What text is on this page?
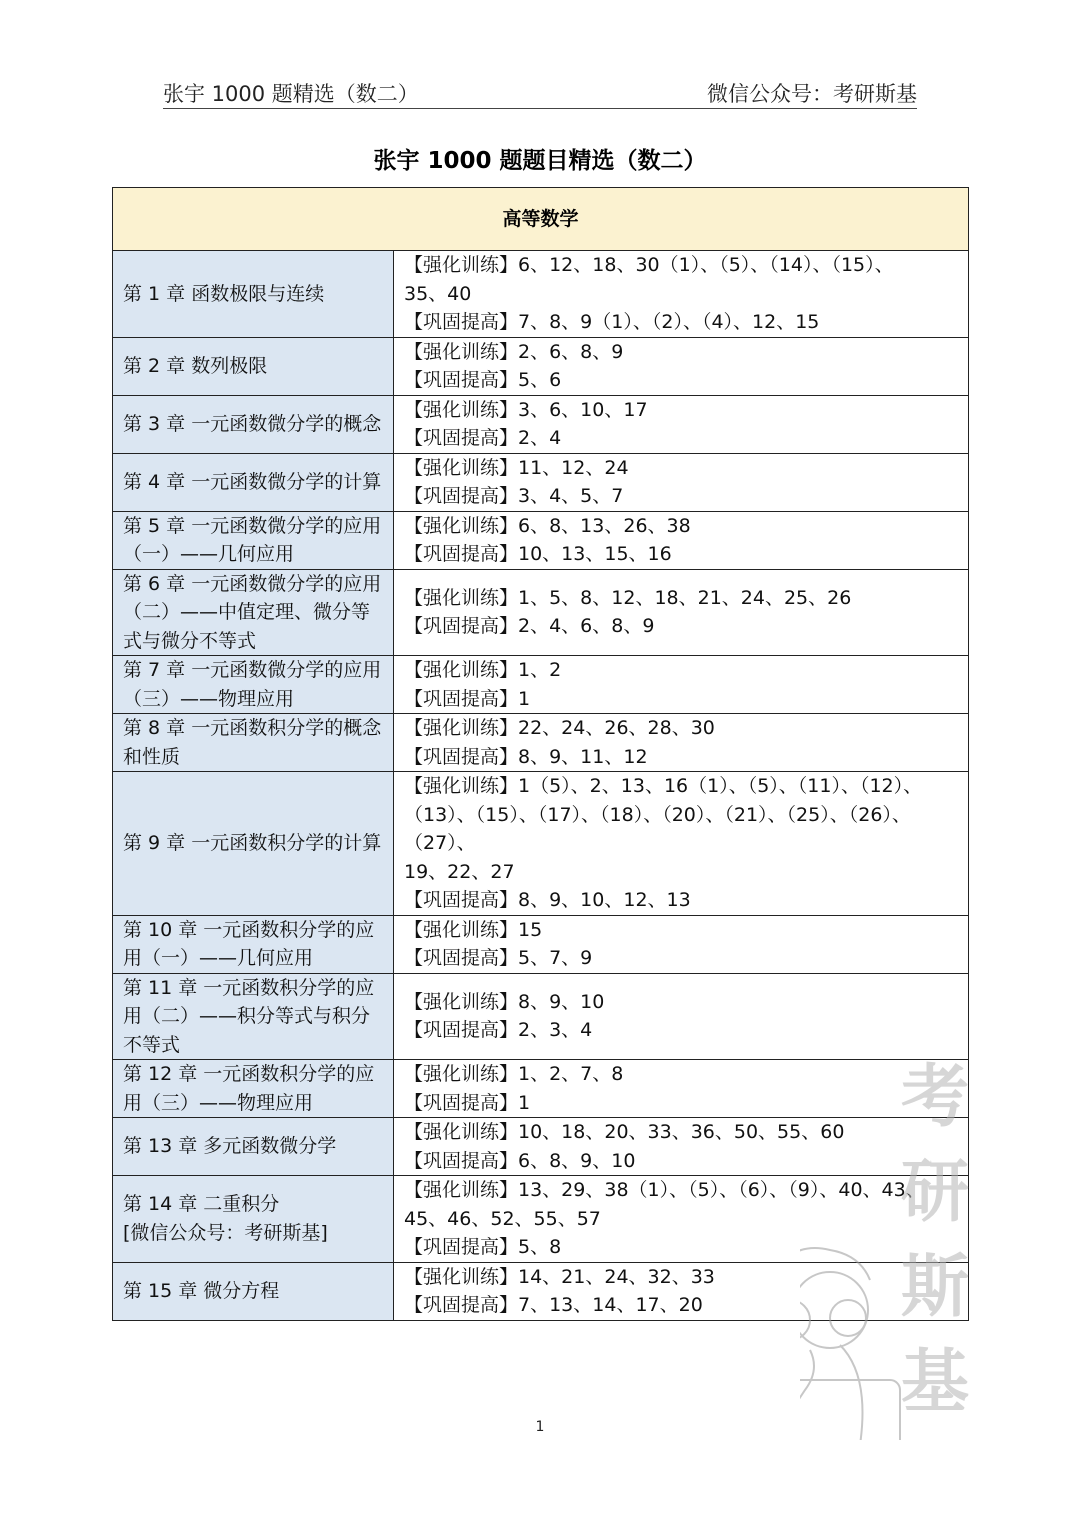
张宇 1000 题精选（数二）	微信公众号：考研斯基
张宇 1000 题题目精选（数二）
高等数学	
第 1 章 函数极限与连续	【强化训练】6、12、18、30（1）、（5）、（14）、（15）、
35、40
【巩固提高】7、8、9（1）、（2）、（4）、12、15

第 2 章 数列极限	【强化训练】2、6、8、9
【巩固提高】5、6

第 3 章 一元函数微分学的概念	【强化训练】3、6、10、17
【巩固提高】2、4

第 4 章 一元函数微分学的计算	【强化训练】11、12、24
【巩固提高】3、4、5、7

第 5 章 一元函数微分学的应用（一）——几何应用	【强化训练】6、8、13、26、38
【巩固提高】10、13、15、16

第 6 章 一元函数微分学的应用（二）——中值定理、微分等式与微分不等式	【强化训练】1、5、8、12、18、21、24、25、26
【巩固提高】2、4、6、8、9

第 7 章 一元函数微分学的应用（三）——物理应用	【强化训练】1、2
【巩固提高】1

第 8 章 一元函数积分学的概念和性质	【强化训练】22、24、26、28、30
【巩固提高】8、9、11、12

第 9 章 一元函数积分学的计算	【强化训练】1（5）、2、13、16（1）、（5）、（11）、（12）、
（13）、（15）、（17）、（18）、（20）、（21）、（25）、（26）、（27）、
19、22、27
【巩固提高】8、9、10、12、13

第 10 章 一元函数积分学的应用（一）——几何应用	【强化训练】15
【巩固提高】5、7、9

第 11 章 一元函数积分学的应用（二）——积分等式与积分不等式	【强化训练】8、9、10
【巩固提高】2、3、4

第 12 章 一元函数积分学的应用（三）——物理应用	【强化训练】1、2、7、8
【巩固提高】1

第 13 章 多元函数微分学	【强化训练】10、18、20、33、36、50、55、60
【巩固提高】6、8、9、10

第 14 章 二重积分
[微信公众号：考研斯基]	【强化训练】13、29、38（1）、（5）、（6）、（9）、40、43、
45、46、52、55、57
【巩固提高】5、8

第 15 章 微分方程	【强化训练】14、21、24、32、33
【巩固提高】7、13、14、17、20
1
考
研
斯
基
